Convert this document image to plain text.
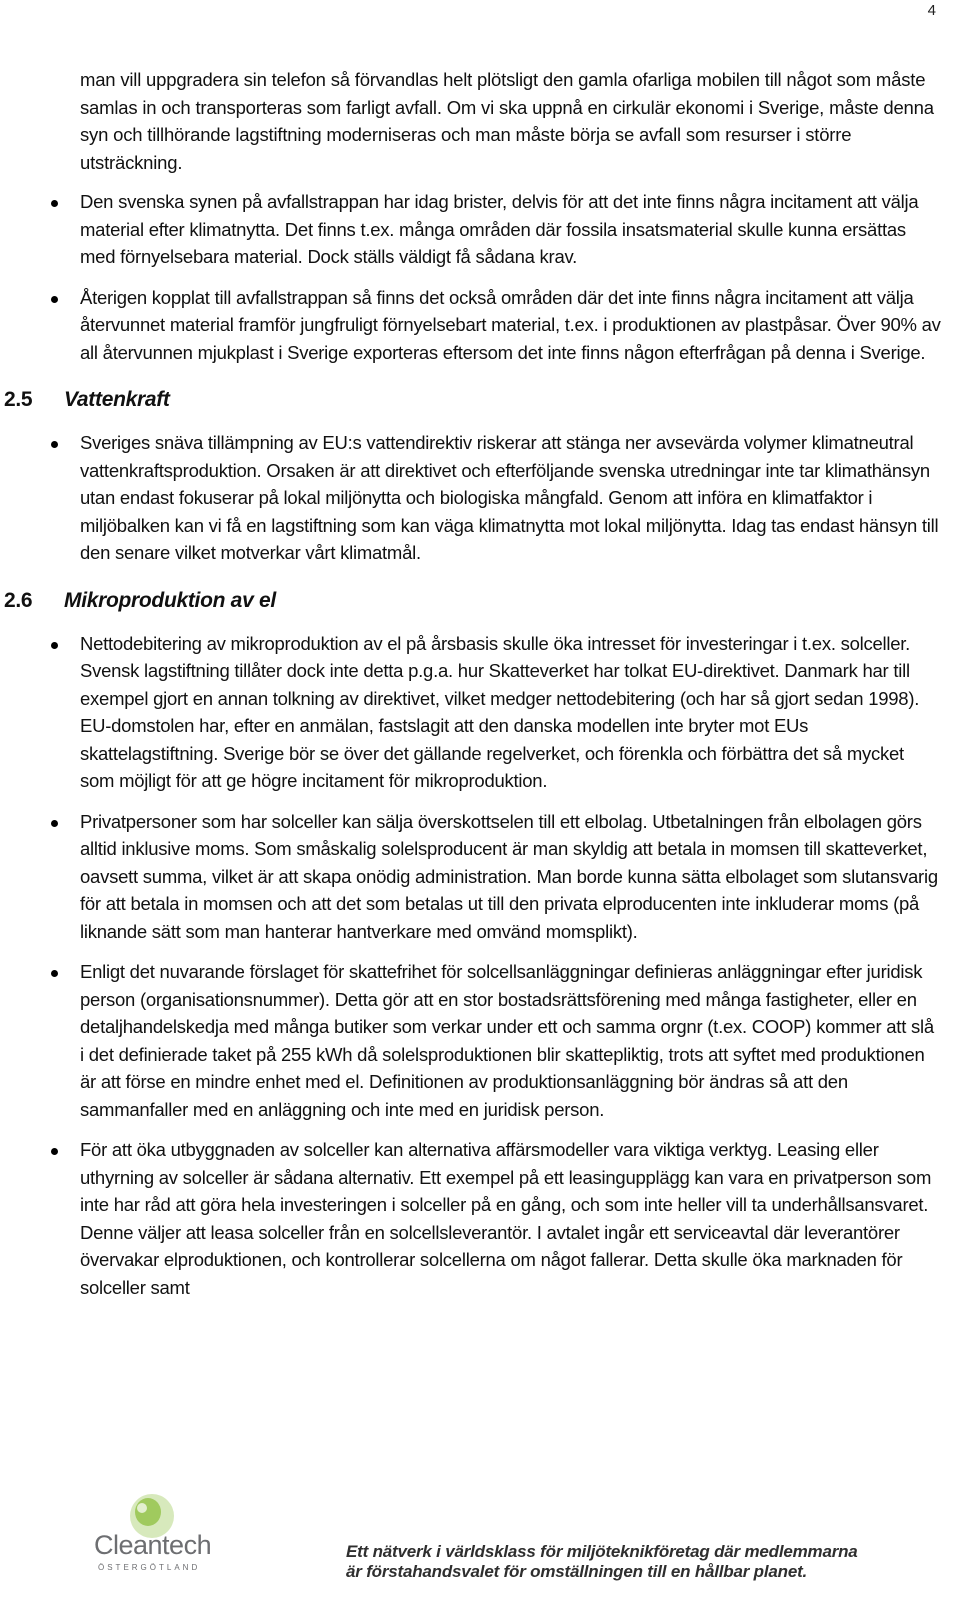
4

man vill uppgradera sin telefon så förvandlas helt plötsligt den gamla ofarliga mobilen till något som måste samlas in och transporteras som farligt avfall. Om vi ska uppnå en cirkulär ekonomi i Sverige, måste denna syn och tillhörande lagstiftning moderniseras och man måste börja se avfall som resurser i större utsträckning.

Den svenska synen på avfallstrappan har idag brister, delvis för att det inte finns några incitament att välja material efter klimatnytta. Det finns t.ex. många områden där fossila insatsmaterial skulle kunna ersättas med förnyelsebara material. Dock ställs väldigt få sådana krav.
Återigen kopplat till avfallstrappan så finns det också områden där det inte finns några incitament att välja återvunnet material framför jungfruligt förnyelsebart material, t.ex. i produktionen av plastpåsar. Över 90% av all återvunnen mjukplast i Sverige exporteras eftersom det inte finns någon efterfrågan på denna i Sverige.
2.5	Vattenkraft
Sveriges snäva tillämpning av EU:s vattendirektiv riskerar att stänga ner avsevärda volymer klimatneutral vattenkraftsproduktion. Orsaken är att direktivet och efterföljande svenska utredningar inte tar klimathänsyn utan endast fokuserar på lokal miljönytta och biologiska mångfald. Genom att införa en klimatfaktor i miljöbalken kan vi få en lagstiftning som kan väga klimatnytta mot lokal miljönytta. Idag tas endast hänsyn till den senare vilket motverkar vårt klimatmål.
2.6	Mikroproduktion av el
Nettodebitering av mikroproduktion av el på årsbasis skulle öka intresset för investeringar i t.ex. solceller. Svensk lagstiftning tillåter dock inte detta p.g.a. hur Skatteverket har tolkat EU-direktivet. Danmark har till exempel gjort en annan tolkning av direktivet, vilket medger nettodebitering (och har så gjort sedan 1998). EU-domstolen har, efter en anmälan, fastslagit att den danska modellen inte bryter mot EUs skattelagstiftning. Sverige bör se över det gällande regelverket, och förenkla och förbättra det så mycket som möjligt för att ge högre incitament för mikroproduktion.
Privatpersoner som har solceller kan sälja överskottselen till ett elbolag. Utbetalningen från elbolagen görs alltid inklusive moms. Som småskalig solelsproducent är man skyldig att betala in momsen till skatteverket, oavsett summa, vilket är att skapa onödig administration. Man borde kunna sätta elbolaget som slutansvarig för att betala in momsen och att det som betalas ut till den privata elproducenten inte inkluderar moms (på liknande sätt som man hanterar hantverkare med omvänd momsplikt).
Enligt det nuvarande förslaget för skattefrihet för solcellsanläggningar definieras anläggningar efter juridisk person (organisationsnummer). Detta gör att en stor bostadsrättsförening med många fastigheter, eller en detaljhandelskedja med många butiker som verkar under ett och samma orgnr (t.ex. COOP) kommer att slå i det definierade taket på 255 kWh då solelsproduktionen blir skattepliktig, trots att syftet med produktionen är att förse en mindre enhet med el. Definitionen av produktionsanläggning bör ändras så att den sammanfaller med en anläggning och inte med en juridisk person.
För att öka utbyggnaden av solceller kan alternativa affärsmodeller vara viktiga verktyg. Leasing eller uthyrning av solceller är sådana alternativ. Ett exempel på ett leasingupplägg kan vara en privatperson som inte har råd att göra hela investeringen i solceller på en gång, och som inte heller vill ta underhållsansvaret. Denne väljer att leasa solceller från en solcellsleverantör. I avtalet ingår ett serviceavtal där leverantörer övervakar elproduktionen, och kontrollerar solcellerna om något fallerar. Detta skulle öka marknaden för solceller samt
Cleantech
ÖSTERGÖTLAND
Ett nätverk i världsklass för miljöteknikföretag där medlemmarna
är förstahandsvalet för omställningen till en hållbar planet.
